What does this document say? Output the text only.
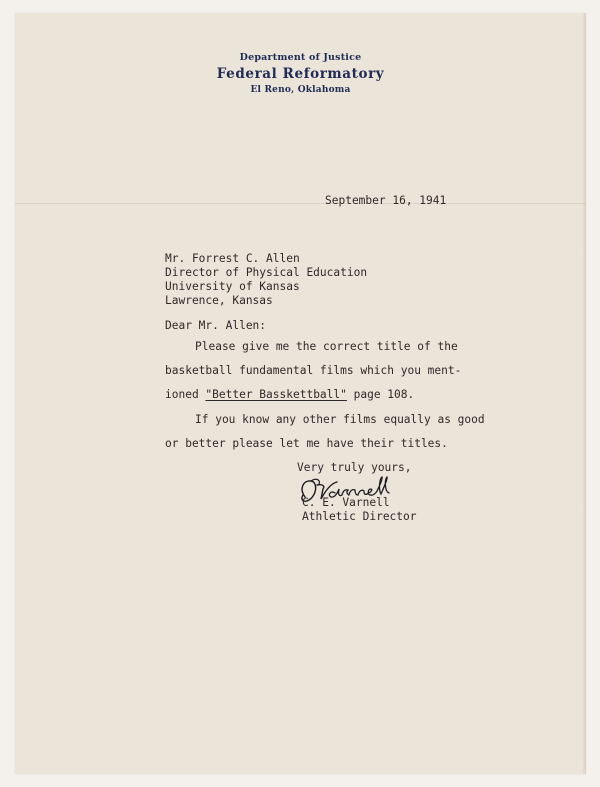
Department of Justice
Federal Reformatory
El Reno, Oklahoma
September 16, 1941
Mr. Forrest C. Allen
Director of Physical Education
University of Kansas
Lawrence, Kansas
Dear Mr. Allen:
Please give me the correct title of the
basketball fundamental films which you ment-
ioned "Better Basskettball" page 108.
If you know any other films equally as good
or better please let me have their titles.
Very truly yours,
C. E. Varnell
Athletic Director
